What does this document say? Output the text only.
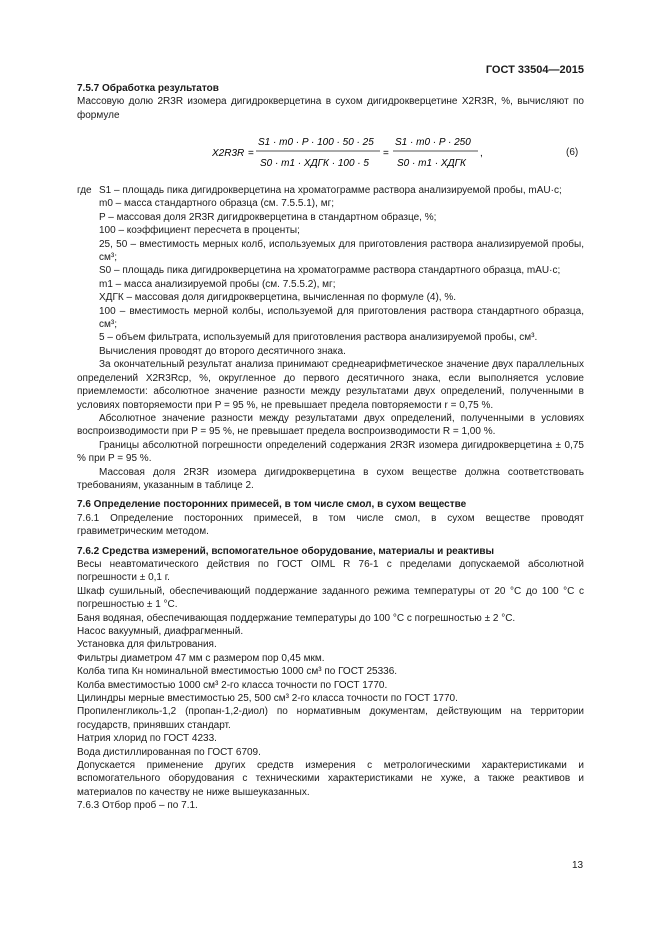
ГОСТ 33504—2015

7.5.7 Обработка результатов

Массовую долю 2R3R изомера дигидрокверцетина в сухом дигидрокверцетине X2R3R, %, вычисляют по формуле

X2R3R =
S1 · m0 · P · 100 · 50 · 25
S0 · m1 · XДГК · 100 · 5
=
S1 · m0 · P · 250
S0 · m1 · XДГК
,	(6)
где S1 – площадь пика дигидрокверцетина на хроматограмме раствора анализируемой пробы, mAU·с;

m0 – масса стандартного образца (см. 7.5.5.1), мг;

P – массовая доля 2R3R дигидрокверцетина в стандартном образце, %;

100 – коэффициент пересчета в проценты;

25, 50 – вместимость мерных колб, используемых для приготовления раствора анализируемой пробы, см³;

S0 – площадь пика дигидрокверцетина на хроматограмме раствора стандартного образца, mAU·с;

m1 – масса анализируемой пробы (см. 7.5.5.2), мг;

XДГК – массовая доля дигидрокверцетина, вычисленная по формуле (4), %.

100 – вместимость мерной колбы, используемой для приготовления раствора стандартного образца, см³;

5 – объем фильтрата, используемый для приготовления раствора анализируемой пробы, см³.

Вычисления проводят до второго десятичного знака.

За окончательный результат анализа принимают среднеарифметическое значение двух параллельных определений X2R3Rср, %, округленное до первого десятичного знака, если выполняется условие приемлемости: абсолютное значение разности между результатами двух определений, полученными в условиях повторяемости при P = 95 %, не превышает предела повторяемости r = 0,75 %.

Абсолютное значение разности между результатами двух определений, полученными в условиях воспроизводимости при P = 95 %, не превышает предела воспроизводимости R = 1,00 %.

Границы абсолютной погрешности определений содержания 2R3R изомера дигидрокверцетина ± 0,75 % при P = 95 %.

Массовая доля 2R3R изомера дигидрокверцетина в сухом веществе должна соответствовать требованиям, указанным в таблице 2.

7.6 Определение посторонних примесей, в том числе смол, в сухом веществе

7.6.1 Определение посторонних примесей, в том числе смол, в сухом веществе проводят гравиметрическим методом.

7.6.2 Средства измерений, вспомогательное оборудование, материалы и реактивы

Весы неавтоматического действия по ГОСТ OIML R 76-1 с пределами допускаемой абсолютной погрешности ± 0,1 г.

Шкаф сушильный, обеспечивающий поддержание заданного режима температуры от 20 °С до 100 °С с погрешностью ± 1 °С.

Баня водяная, обеспечивающая поддержание температуры до 100 °С с погрешностью ± 2 °С.

Насос вакуумный, диафрагменный.

Установка для фильтрования.

Фильтры диаметром 47 мм с размером пор 0,45 мкм.

Колба типа Кн номинальной вместимостью 1000 см³ по ГОСТ 25336.

Колба вместимостью 1000 см³ 2-го класса точности по ГОСТ 1770.

Цилиндры мерные вместимостью 25, 500 см³ 2-го класса точности по ГОСТ 1770.

Пропиленгликоль-1,2 (пропан-1,2-диол) по нормативным документам, действующим на территории государств, принявших стандарт.

Натрия хлорид по ГОСТ 4233.

Вода дистиллированная по ГОСТ 6709.

Допускается применение других средств измерения с метрологическими характеристиками и вспомогательного оборудования с техническими характеристиками не хуже, а также реактивов и материалов по качеству не ниже вышеуказанных.

7.6.3 Отбор проб – по 7.1.

13
